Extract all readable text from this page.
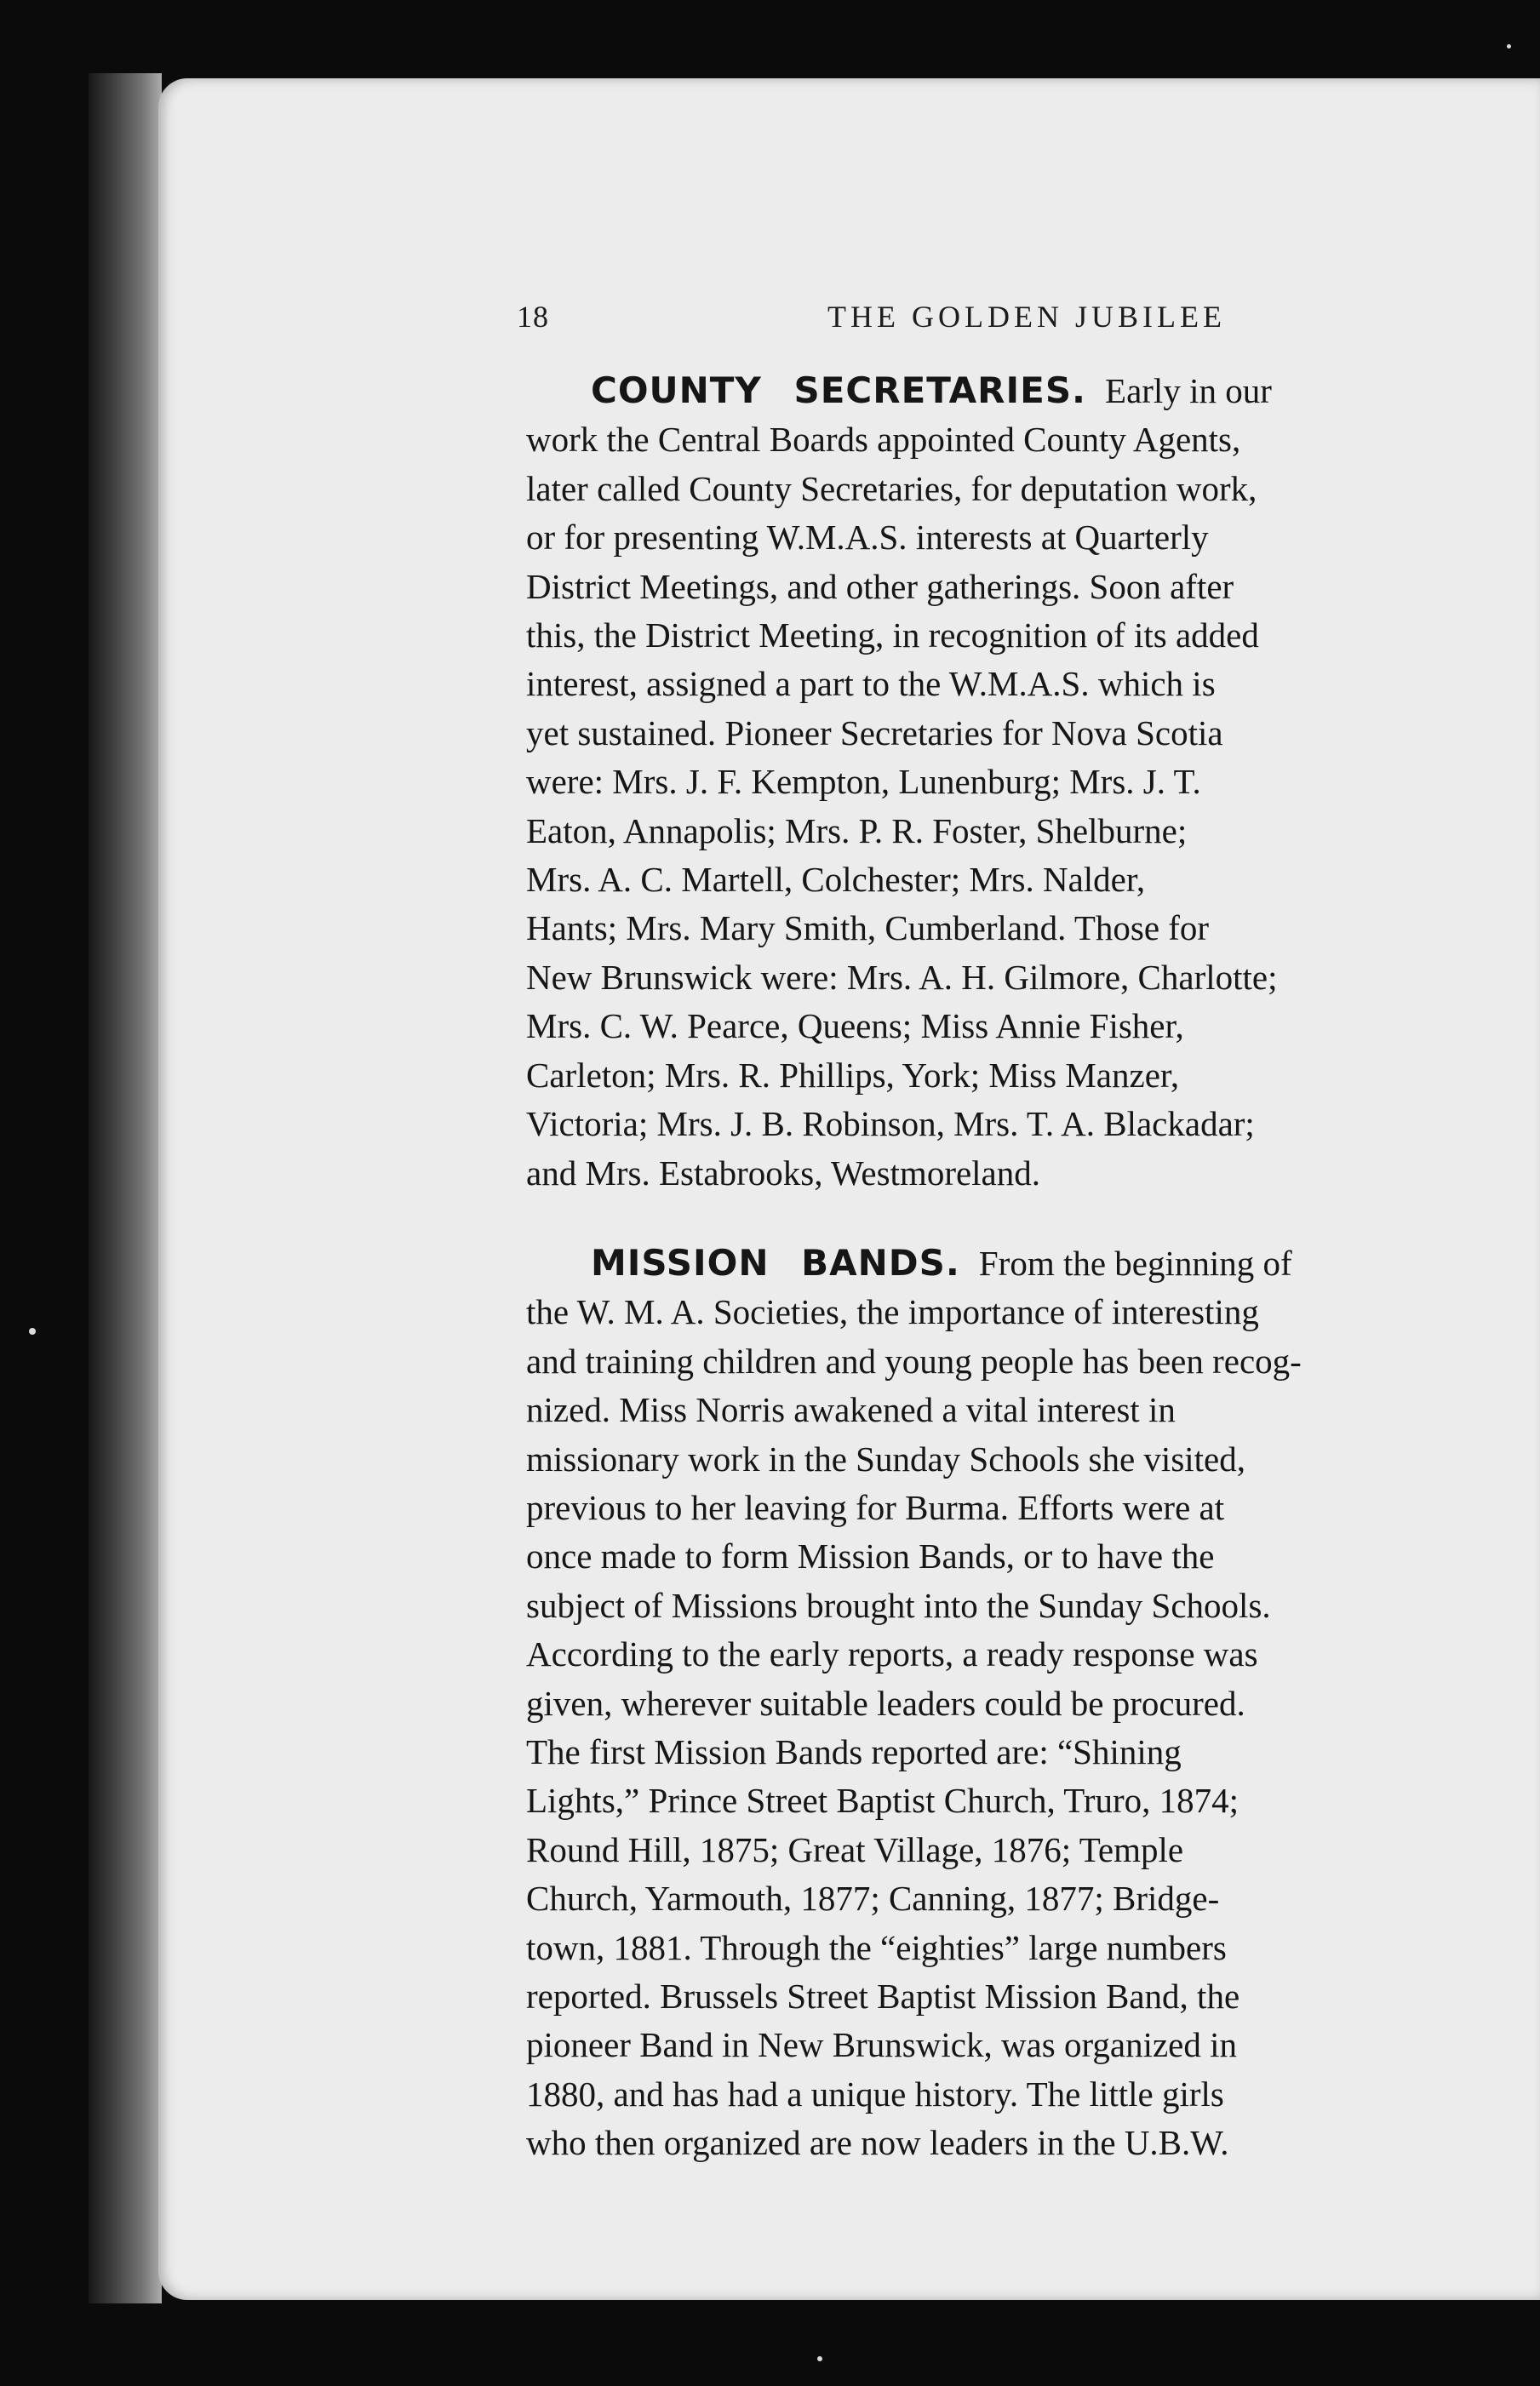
18	THE GOLDEN JUBILEE

COUNTY SECRETARIES. Early in our
work the Central Boards appointed County Agents,
later called County Secretaries, for deputation work,
or for presenting W.M.A.S. interests at Quarterly
District Meetings, and other gatherings. Soon after
this, the District Meeting, in recognition of its added
interest, assigned a part to the W.M.A.S. which is
yet sustained. Pioneer Secretaries for Nova Scotia
were: Mrs. J. F. Kempton, Lunenburg; Mrs. J. T.
Eaton, Annapolis; Mrs. P. R. Foster, Shelburne;
Mrs. A. C. Martell, Colchester; Mrs. Nalder,
Hants; Mrs. Mary Smith, Cumberland. Those for
New Brunswick were: Mrs. A. H. Gilmore, Charlotte;
Mrs. C. W. Pearce, Queens; Miss Annie Fisher,
Carleton; Mrs. R. Phillips, York; Miss Manzer,
Victoria; Mrs. J. B. Robinson, Mrs. T. A. Blackadar;
and Mrs. Estabrooks, Westmoreland.

MISSION BANDS. From the beginning of
the W. M. A. Societies, the importance of interesting
and training children and young people has been recog-
nized. Miss Norris awakened a vital interest in
missionary work in the Sunday Schools she visited,
previous to her leaving for Burma. Efforts were at
once made to form Mission Bands, or to have the
subject of Missions brought into the Sunday Schools.
According to the early reports, a ready response was
given, wherever suitable leaders could be procured.
The first Mission Bands reported are: “Shining
Lights,” Prince Street Baptist Church, Truro, 1874;
Round Hill, 1875; Great Village, 1876; Temple
Church, Yarmouth, 1877; Canning, 1877; Bridge-
town, 1881. Through the “eighties” large numbers
reported. Brussels Street Baptist Mission Band, the
pioneer Band in New Brunswick, was organized in
1880, and has had a unique history. The little girls
who then organized are now leaders in the U.B.W.
